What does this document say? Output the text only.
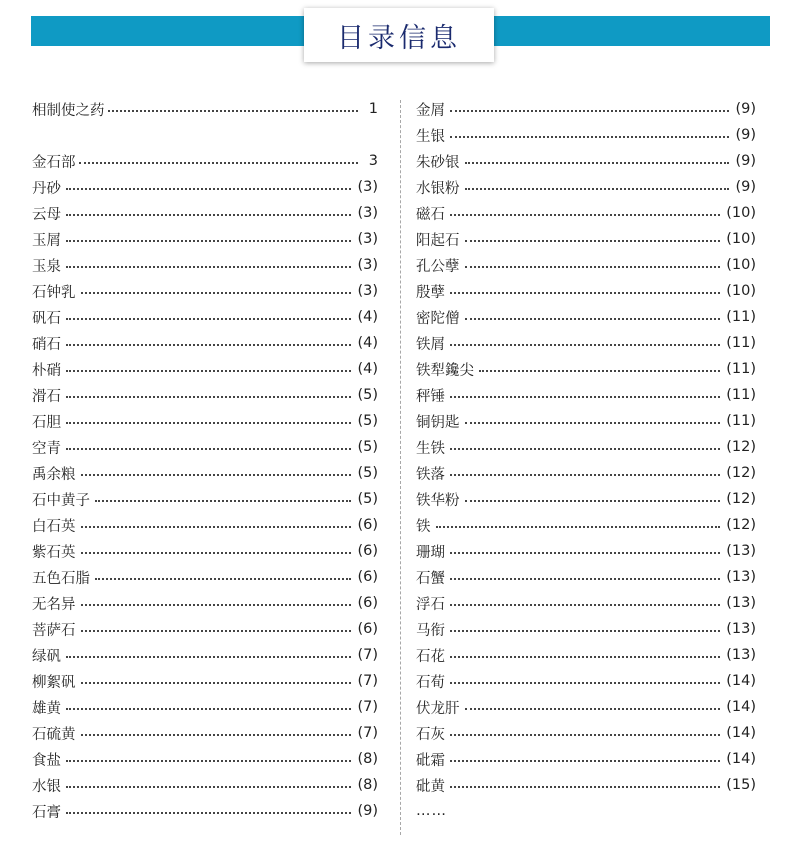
目录信息
相制使之药	1
金石部	3
丹砂	(3)
云母	(3)
玉屑	(3)
玉泉	(3)
石钟乳	(3)
矾石	(4)
硝石	(4)
朴硝	(4)
滑石	(5)
石胆	(5)
空青	(5)
禹余粮	(5)
石中黄子	(5)
白石英	(6)
紫石英	(6)
五色石脂	(6)
无名异	(6)
菩萨石	(6)
绿矾	(7)
柳絮矾	(7)
雄黄	(7)
石硫黄	(7)
食盐	(8)
水银	(8)
石膏	(9)
金屑	(9)
生银	(9)
朱砂银	(9)
水银粉	(9)
磁石	(10)
阳起石	(10)
孔公孽	(10)
殷孽	(10)
密陀僧	(11)
铁屑	(11)
铁犁鑱尖	(11)
秤锤	(11)
铜钥匙	(11)
生铁	(12)
铁落	(12)
铁华粉	(12)
铁	(12)
珊瑚	(13)
石蟹	(13)
浮石	(13)
马衔	(13)
石花	(13)
石荀	(14)
伏龙肝	(14)
石灰	(14)
砒霜	(14)
砒黄	(15)
……
